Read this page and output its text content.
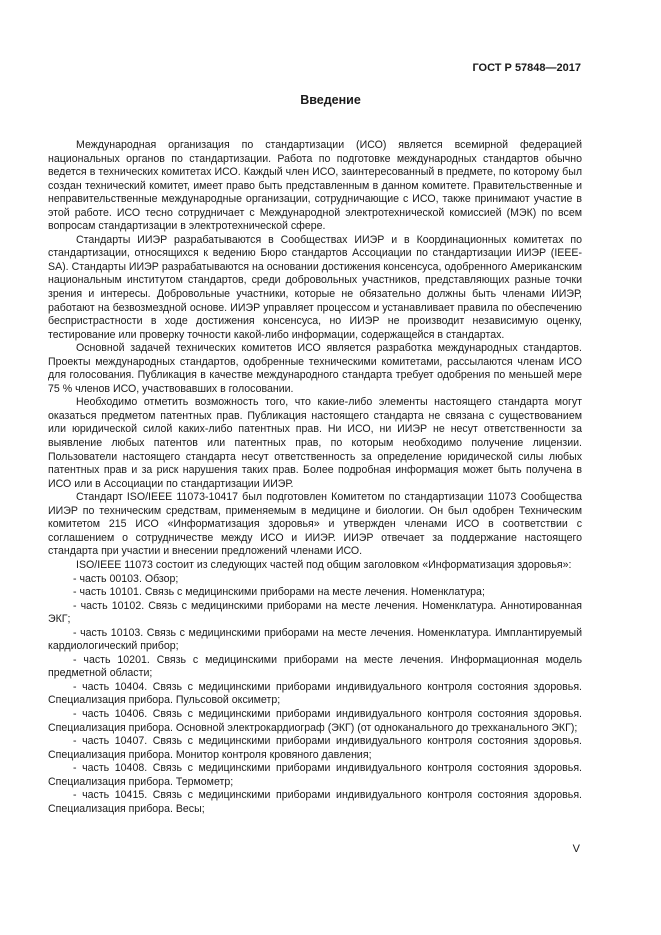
ГОСТ Р 57848—2017
Введение

Международная организация по стандартизации (ИСО) является всемирной федерацией национальных органов по стандартизации. Работа по подготовке международных стандартов обычно ведется в технических комитетах ИСО. Каждый член ИСО, заинтересованный в предмете, по которому был создан технический комитет, имеет право быть представленным в данном комитете. Правительственные и неправительственные международные организации, сотрудничающие с ИСО, также принимают участие в этой работе. ИСО тесно сотрудничает с Международной электротехнической комиссией (МЭК) по всем вопросам стандартизации в электротехнической сфере.

Стандарты ИИЭР разрабатываются в Сообществах ИИЭР и в Координационных комитетах по стандартизации, относящихся к ведению Бюро стандартов Ассоциации по стандартизации ИИЭР (IEEE-SA). Стандарты ИИЭР разрабатываются на основании достижения консенсуса, одобренного Американским национальным институтом стандартов, среди добровольных участников, представляющих разные точки зрения и интересы. Добровольные участники, которые не обязательно должны быть членами ИИЭР, работают на безвозмездной основе. ИИЭР управляет процессом и устанавливает правила по обеспечению беспристрастности в ходе достижения консенсуса, но ИИЭР не производит независимую оценку, тестирование или проверку точности какой-либо информации, содержащейся в стандартах.

Основной задачей технических комитетов ИСО является разработка международных стандартов. Проекты международных стандартов, одобренные техническими комитетами, рассылаются членам ИСО для голосования. Публикация в качестве международного стандарта требует одобрения по меньшей мере 75 % членов ИСО, участвовавших в голосовании.

Необходимо отметить возможность того, что какие-либо элементы настоящего стандарта могут оказаться предметом патентных прав. Публикация настоящего стандарта не связана с существованием или юридической силой каких-либо патентных прав. Ни ИСО, ни ИИЭР не несут ответственности за выявление любых патентов или патентных прав, по которым необходимо получение лицензии. Пользователи настоящего стандарта несут ответственность за определение юридической силы любых патентных прав и за риск нарушения таких прав. Более подробная информация может быть получена в ИСО или в Ассоциации по стандартизации ИИЭР.

Стандарт ISO/IEEE 11073-10417 был подготовлен Комитетом по стандартизации 11073 Сообщества ИИЭР по техническим средствам, применяемым в медицине и биологии. Он был одобрен Техническим комитетом 215 ИСО «Информатизация здоровья» и утвержден членами ИСО в соответствии с соглашением о сотрудничестве между ИСО и ИИЭР. ИИЭР отвечает за поддержание настоящего стандарта при участии и внесении предложений членами ИСО.

ISO/IEEE 11073 состоит из следующих частей под общим заголовком «Информатизация здоровья»:

- часть 00103. Обзор;

- часть 10101. Связь с медицинскими приборами на месте лечения. Номенклатура;

- часть 10102. Связь с медицинскими приборами на месте лечения. Номенклатура. Аннотированная ЭКГ;

- часть 10103. Связь с медицинскими приборами на месте лечения. Номенклатура. Имплантируемый кардиологический прибор;

- часть 10201. Связь с медицинскими приборами на месте лечения. Информационная модель предметной области;

- часть 10404. Связь с медицинскими приборами индивидуального контроля состояния здоровья. Специализация прибора. Пульсовой оксиметр;

- часть 10406. Связь с медицинскими приборами индивидуального контроля состояния здоровья. Специализация прибора. Основной электрокардиограф (ЭКГ) (от одноканального до трехканального ЭКГ);

- часть 10407. Связь с медицинскими приборами индивидуального контроля состояния здоровья. Специализация прибора. Монитор контроля кровяного давления;

- часть 10408. Связь с медицинскими приборами индивидуального контроля состояния здоровья. Специализация прибора. Термометр;

- часть 10415. Связь с медицинскими приборами индивидуального контроля состояния здоровья. Специализация прибора. Весы;

V
